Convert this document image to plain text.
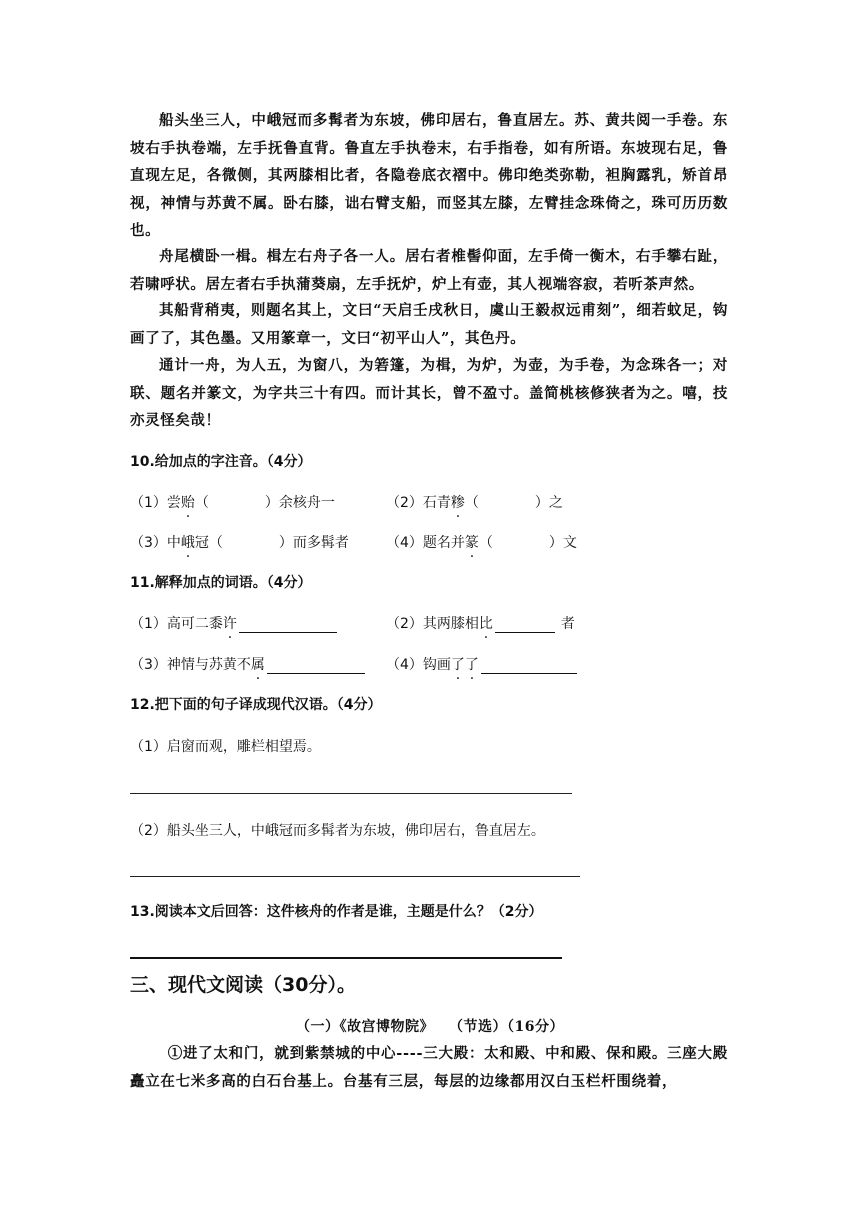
船头坐三人，中峨冠而多髯者为东坡，佛印居右，鲁直居左。苏、黄共阅一手卷。东坡右手执卷端，左手抚鲁直背。鲁直左手执卷末，右手指卷，如有所语。东坡现右足，鲁直现左足，各微侧，其两膝相比者，各隐卷底衣褶中。佛印绝类弥勒，袒胸露乳，矫首昂视，神情与苏黄不属。卧右膝，诎右臂支船，而竖其左膝，左臂挂念珠倚之，珠可历历数也。
舟尾横卧一楫。楫左右舟子各一人。居右者椎髻仰面，左手倚一衡木，右手攀右趾，若啸呼状。居左者右手执蒲葵扇，左手抚炉，炉上有壶，其人视端容寂，若听茶声然。
其船背稍夷，则题名其上，文曰“天启壬戌秋日，虞山王毅叔远甫刻”，细若蚊足，钩画了了，其色墨。又用篆章一，文曰“初平山人”，其色丹。
通计一舟，为人五，为窗八，为箬篷，为楫，为炉，为壶，为手卷，为念珠各一；对联、题名并篆文，为字共三十有四。而计其长，曾不盈寸。盖简桃核修狭者为之。嘻，技亦灵怪矣哉！
10.给加点的字注音。（4分）
（1）尝贻（	）余核舟一	（2）石青糁（	）之
（3）中峨冠（	）而多髯者	（4）题名并篆（	）文
11.解释加点的词语。（4分）
（1）高可二黍许	（2）其两膝相比	者
（3）神情与苏黄不属	（4）钩画了了
12.把下面的句子译成现代汉语。（4分）
（1）启窗而观，雕栏相望焉。
（2）船头坐三人，中峨冠而多髯者为东坡，佛印居右，鲁直居左。
13.阅读本文后回答：这件核舟的作者是谁，主题是什么？（2分）
三、现代文阅读（30分）。
（一）《故宫博物院》　　（节选）（16分）
①进了太和门，就到紫禁城的中心----三大殿：太和殿、中和殿、保和殿。三座大殿矗立在七米多高的白石台基上。台基有三层，每层的边缘都用汉白玉栏杆围绕着，
